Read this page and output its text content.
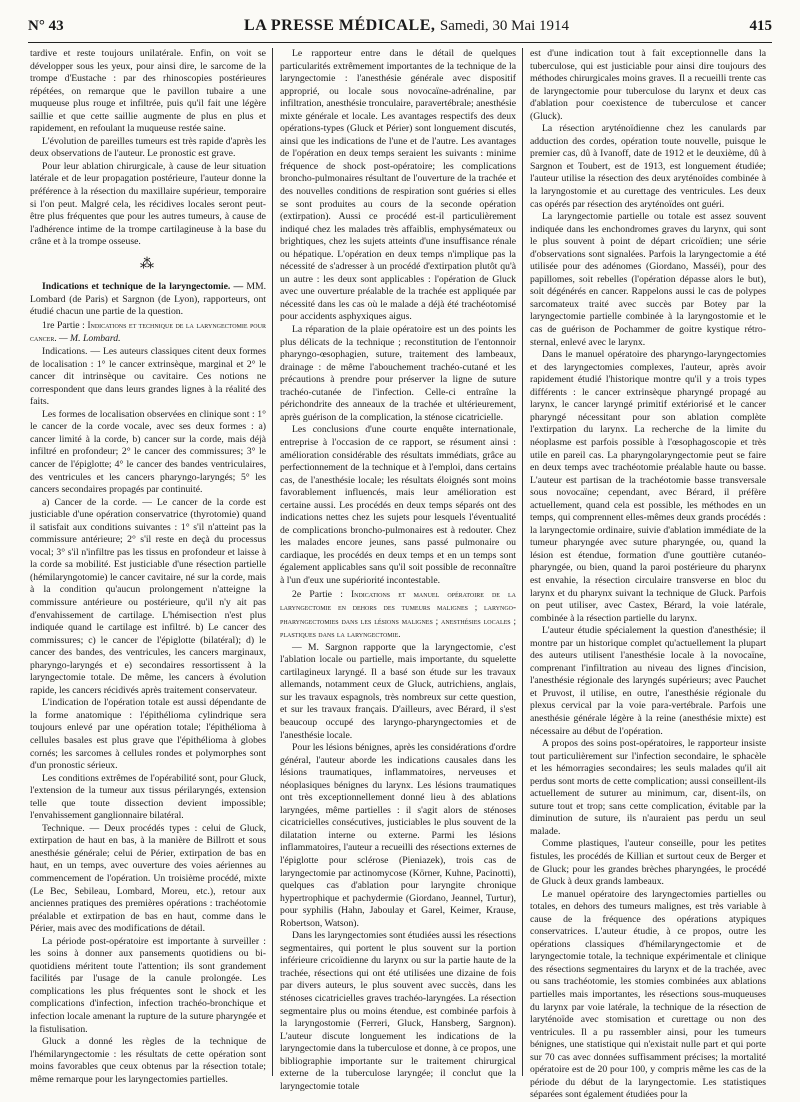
N° 43	LA PRESSE MÉDICALE, Samedi, 30 Mai 1914	415

tardive et reste toujours unilatérale. Enfin, on voit se développer sous les yeux, pour ainsi dire, le sarcome de la trompe d'Eustache : par des rhinoscopies postérieures répétées, on remarque que le pavillon tubaire a une muqueuse plus rouge et infiltrée, puis qu'il fait une légère saillie et que cette saillie augmente de plus en plus et rapidement, en refoulant la muqueuse restée saine.

L'évolution de pareilles tumeurs est très rapide d'après les deux observations de l'auteur. Le pronostic est grave.

Pour leur ablation chirurgicale, à cause de leur situation latérale et de leur propagation postérieure, l'auteur donne la préférence à la résection du maxillaire supérieur, temporaire si l'on peut. Malgré cela, les récidives locales seront peut-être plus fréquentes que pour les autres tumeurs, à cause de l'adhérence intime de la trompe cartilagineuse à la base du crâne et à la trompe osseuse.

⁂

Indications et technique de la laryngectomie. — MM. Lombard (de Paris) et Sargnon (de Lyon), rapporteurs, ont étudié chacun une partie de la question.

1re Partie : Indications et technique de la laryngectomie pour cancer. — M. Lombard.

Indications. — Les auteurs classiques citent deux formes de localisation : 1° le cancer extrinsèque, marginal et 2° le cancer dit intrinsèque ou cavitaire. Ces notions ne correspondent que dans leurs grandes lignes à la réalité des faits.

Les formes de localisation observées en clinique sont : 1° le cancer de la corde vocale, avec ses deux formes : a) cancer limité à la corde, b) cancer sur la corde, mais déjà infiltré en profondeur; 2° le cancer des commissures; 3° le cancer de l'épiglotte; 4° le cancer des bandes ventriculaires, des ventricules et les cancers pharyngo-laryngés; 5° les cancers secondaires propagés par continuité.

a) Cancer de la corde. — Le cancer de la corde est justiciable d'une opération conservatrice (thyrotomie) quand il satisfait aux conditions suivantes : 1° s'il n'atteint pas la commissure antérieure; 2° s'il reste en deçà du processus vocal; 3° s'il n'infiltre pas les tissus en profondeur et laisse à la corde sa mobilité. Est justiciable d'une résection partielle (hémilaryngotomie) le cancer cavitaire, né sur la corde, mais à la condition qu'aucun prolongement n'atteigne la commissure antérieure ou postérieure, qu'il n'y ait pas d'envahissement de cartilage. L'hémisection n'est plus indiquée quand le cartilage est infiltré. b) Le cancer des commissures; c) le cancer de l'épiglotte (bilatéral); d) le cancer des bandes, des ventricules, les cancers marginaux, pharyngo-laryngés et e) secondaires ressortissent à la laryngectomie totale. De même, les cancers à évolution rapide, les cancers récidivés après traitement conservateur.

L'indication de l'opération totale est aussi dépendante de la forme anatomique : l'épithélioma cylindrique sera toujours enlevé par une opération totale; l'épithélioma à cellules basales est plus grave que l'épithélioma à globes cornés; les sarcomes à cellules rondes et polymorphes sont d'un pronostic sérieux.

Les conditions extrêmes de l'opérabilité sont, pour Gluck, l'extension de la tumeur aux tissus périlaryngés, extension telle que toute dissection devient impossible; l'envahissement ganglionnaire bilatéral.

Technique. — Deux procédés types : celui de Gluck, extirpation de haut en bas, à la manière de Billrott et sous anesthésie générale; celui de Périer, extirpation de bas en haut, en un temps, avec ouverture des voies aériennes au commencement de l'opération. Un troisième procédé, mixte (Le Bec, Sebileau, Lombard, Moreu, etc.), retour aux anciennes pratiques des premières opérations : trachéotomie préalable et extirpation de bas en haut, comme dans le Périer, mais avec des modifications de détail.

La période post-opératoire est importante à surveiller : les soins à donner aux pansements quotidiens ou bi-quotidiens méritent toute l'attention; ils sont grandement facilités par l'usage de la canule prolongée. Les complications les plus fréquentes sont le shock et les complications d'infection, infection trachéo-bronchique et infection locale amenant la rupture de la suture pharyngée et la fistulisation.

Gluck a donné les règles de la technique de l'hémilaryngectomie : les résultats de cette opération sont moins favorables que ceux obtenus par la résection totale; même remarque pour les laryngectomies partielles.

Le rapporteur entre dans le détail de quelques particularités extrêmement importantes de la technique de la laryngectomie : l'anesthésie générale avec dispositif approprié, ou locale sous novocaïne-adrénaline, par infiltration, anesthésie tronculaire, paravertébrale; anesthésie mixte générale et locale. Les avantages respectifs des deux opérations-types (Gluck et Périer) sont longuement discutés, ainsi que les indications de l'une et de l'autre. Les avantages de l'opération en deux temps seraient les suivants : minime fréquence de shock post-opératoire; les complications broncho-pulmonaires résultant de l'ouverture de la trachée et des nouvelles conditions de respiration sont guéries si elles se sont produites au cours de la seconde opération (extirpation). Aussi ce procédé est-il particulièrement indiqué chez les malades très affaiblis, emphysémateux ou brightiques, chez les sujets atteints d'une insuffisance rénale ou hépatique. L'opération en deux temps n'implique pas la nécessité de s'adresser à un procédé d'extirpation plutôt qu'à un autre : les deux sont applicables : l'opération de Gluck avec une ouverture préalable de la trachée est appliquée par nécessité dans les cas où le malade a déjà été trachéotomisé pour accidents asphyxiques aigus.

La réparation de la plaie opératoire est un des points les plus délicats de la technique ; reconstitution de l'entonnoir pharyngo-œsophagien, suture, traitement des lambeaux, drainage : de même l'abouchement trachéo-cutané et les précautions à prendre pour préserver la ligne de suture trachéo-cutanée de l'infection. Celle-ci entraîne la périchondrite des anneaux de la trachée et ultérieurement, après guérison de la complication, la sténose cicatricielle.

Les conclusions d'une courte enquête internationale, entreprise à l'occasion de ce rapport, se résument ainsi : amélioration considérable des résultats immédiats, grâce au perfectionnement de la technique et à l'emploi, dans certains cas, de l'anesthésie locale; les résultats éloignés sont moins favorablement influencés, mais leur amélioration est certaine aussi. Les procédés en deux temps séparés ont des indications nettes chez les sujets pour lesquels l'éventualité de complications broncho-pulmonaires est à redouter. Chez les malades encore jeunes, sans passé pulmonaire ou cardiaque, les procédés en deux temps et en un temps sont également applicables sans qu'il soit possible de reconnaître à l'un d'eux une supériorité incontestable.

2e Partie : Indications et manuel opératoire de la laryngectomie en dehors des tumeurs malignes ; laryngo-pharyngectomies dans les lésions malignes ; anesthésies locales ; plastiques dans la laryngectomie.

— M. Sargnon rapporte que la laryngectomie, c'est l'ablation locale ou partielle, mais importante, du squelette cartilagineux laryngé. Il a basé son étude sur les travaux allemands, notamment ceux de Gluck, autrichiens, anglais, sur les travaux espagnols, très nombreux sur cette question, et sur les travaux français. D'ailleurs, avec Bérard, il s'est beaucoup occupé des laryngo-pharyngectomies et de l'anesthésie locale.

Pour les lésions bénignes, après les considérations d'ordre général, l'auteur aborde les indications causales dans les lésions traumatiques, inflammatoires, nerveuses et néoplasiques bénignes du larynx. Les lésions traumatiques ont très exceptionnellement donné lieu à des ablations laryngées, même partielles : il s'agit alors de sténoses cicatricielles consécutives, justiciables le plus souvent de la dilatation interne ou externe. Parmi les lésions inflammatoires, l'auteur a recueilli des résections externes de l'épiglotte pour sclérose (Pieniazek), trois cas de laryngectomie par actinomycose (Körner, Kuhne, Pacinotti), quelques cas d'ablation pour laryngite chronique hypertrophique et pachydermie (Giordano, Jeannel, Turtur), pour syphilis (Hahn, Jaboulay et Garel, Keimer, Krause, Robertson, Watson).

Dans les laryngectomies sont étudiées aussi les résections segmentaires, qui portent le plus souvent sur la portion inférieure cricoïdienne du larynx ou sur la partie haute de la trachée, résections qui ont été utilisées une dizaine de fois par divers auteurs, le plus souvent avec succès, dans les sténoses cicatricielles graves trachéo-laryngées. La résection segmentaire plus ou moins étendue, est combinée parfois à la laryngostomie (Ferreri, Gluck, Hansberg, Sargnon). L'auteur discute longuement les indications de la laryngectomie dans la tuberculose et donne, à ce propos, une bibliographie importante sur le traitement chirurgical externe de la tuberculose laryngée; il conclut que la laryngectomie totale

est d'une indication tout à fait exceptionnelle dans la tuberculose, qui est justiciable pour ainsi dire toujours des méthodes chirurgicales moins graves. Il a recueilli trente cas de laryngectomie pour tuberculose du larynx et deux cas d'ablation pour coexistence de tuberculose et cancer (Gluck).

La résection aryténoïdienne chez les canulards par adduction des cordes, opération toute nouvelle, puisque le premier cas, dû à Ivanoff, date de 1912 et le deuxième, dû à Sargnon et Toubert, est de 1913, est longuement étudiée; l'auteur utilise la résection des deux aryténoïdes combinée à la laryngostomie et au curettage des ventricules. Les deux cas opérés par résection des aryténoïdes ont guéri.

La laryngectomie partielle ou totale est assez souvent indiquée dans les enchondromes graves du larynx, qui sont le plus souvent à point de départ cricoïdien; une série d'observations sont signalées. Parfois la laryngectomie a été utilisée pour des adénomes (Giordano, Masséi), pour des papillomes, soit rebelles (l'opération dépasse alors le but), soit dégénérés en cancer. Rappelons aussi le cas de polypes sarcomateux traité avec succès par Botey par la laryngectomie partielle combinée à la laryngostomie et le cas de guérison de Pochammer de goitre kystique rétro-sternal, enlevé avec le larynx.

Dans le manuel opératoire des pharyngo-laryngectomies et des laryngectomies complexes, l'auteur, après avoir rapidement étudié l'historique montre qu'il y a trois types différents : le cancer extrinsèque pharyngé propagé au larynx, le cancer laryngé primitif extériorisé et le cancer pharyngé nécessitant pour son ablation complète l'extirpation du larynx. La recherche de la limite du néoplasme est parfois possible à l'œsophagoscopie et très utile en pareil cas. La pharyngolaryngectomie peut se faire en deux temps avec trachéotomie préalable haute ou basse. L'auteur est partisan de la trachéotomie basse transversale sous novocaïne; cependant, avec Bérard, il préfère actuellement, quand cela est possible, les méthodes en un temps, qui comprennent elles-mêmes deux grands procédés : la laryngectomie ordinaire, suivie d'ablation immédiate de la tumeur pharyngée avec suture pharyngée, ou, quand la lésion est étendue, formation d'une gouttière cutanéo-pharyngée, ou bien, quand la paroi postérieure du pharynx est envahie, la résection circulaire transverse en bloc du larynx et du pharynx suivant la technique de Gluck. Parfois on peut utiliser, avec Castex, Bérard, la voie latérale, combinée à la résection partielle du larynx.

L'auteur étudie spécialement la question d'anesthésie; il montre par un historique complet qu'actuellement la plupart des auteurs utilisent l'anesthésie locale à la novocaïne, comprenant l'infiltration au niveau des lignes d'incision, l'anesthésie régionale des laryngés supérieurs; avec Pauchet et Pruvost, il utilise, en outre, l'anesthésie régionale du plexus cervical par la voie para-vertébrale. Parfois une anesthésie générale légère à la reine (anesthésie mixte) est nécessaire au début de l'opération.

A propos des soins post-opératoires, le rapporteur insiste tout particulièrement sur l'infection secondaire, le sphacèle et les hémorragies secondaires; les seuls malades qu'il ait perdus sont morts de cette complication; aussi conseillent-ils actuellement de suturer au minimum, car, disent-ils, on suture tout et trop; sans cette complication, évitable par la diminution de suture, ils n'auraient pas perdu un seul malade.

Comme plastiques, l'auteur conseille, pour les petites fistules, les procédés de Killian et surtout ceux de Berger et de Gluck; pour les grandes brèches pharyngées, le procédé de Gluck à deux grands lambeaux.

Le manuel opératoire des laryngectomies partielles ou totales, en dehors des tumeurs malignes, est très variable à cause de la fréquence des opérations atypiques conservatrices. L'auteur étudie, à ce propos, outre les opérations classiques d'hémilaryngectomie et de laryngectomie totale, la technique expérimentale et clinique des résections segmentaires du larynx et de la trachée, avec ou sans trachéotomie, les stomies combinées aux ablations partielles mais importantes, les résections sous-muqueuses du larynx par voie latérale, la technique de la résection de laryténoïde avec stomisation et curettage ou non des ventricules. Il a pu rassembler ainsi, pour les tumeurs bénignes, une statistique qui n'existait nulle part et qui porte sur 70 cas avec données suffisamment précises; la mortalité opératoire est de 20 pour 100, y compris même les cas de la période du début de la laryngectomie. Les statistiques séparées sont également étudiées pour la
